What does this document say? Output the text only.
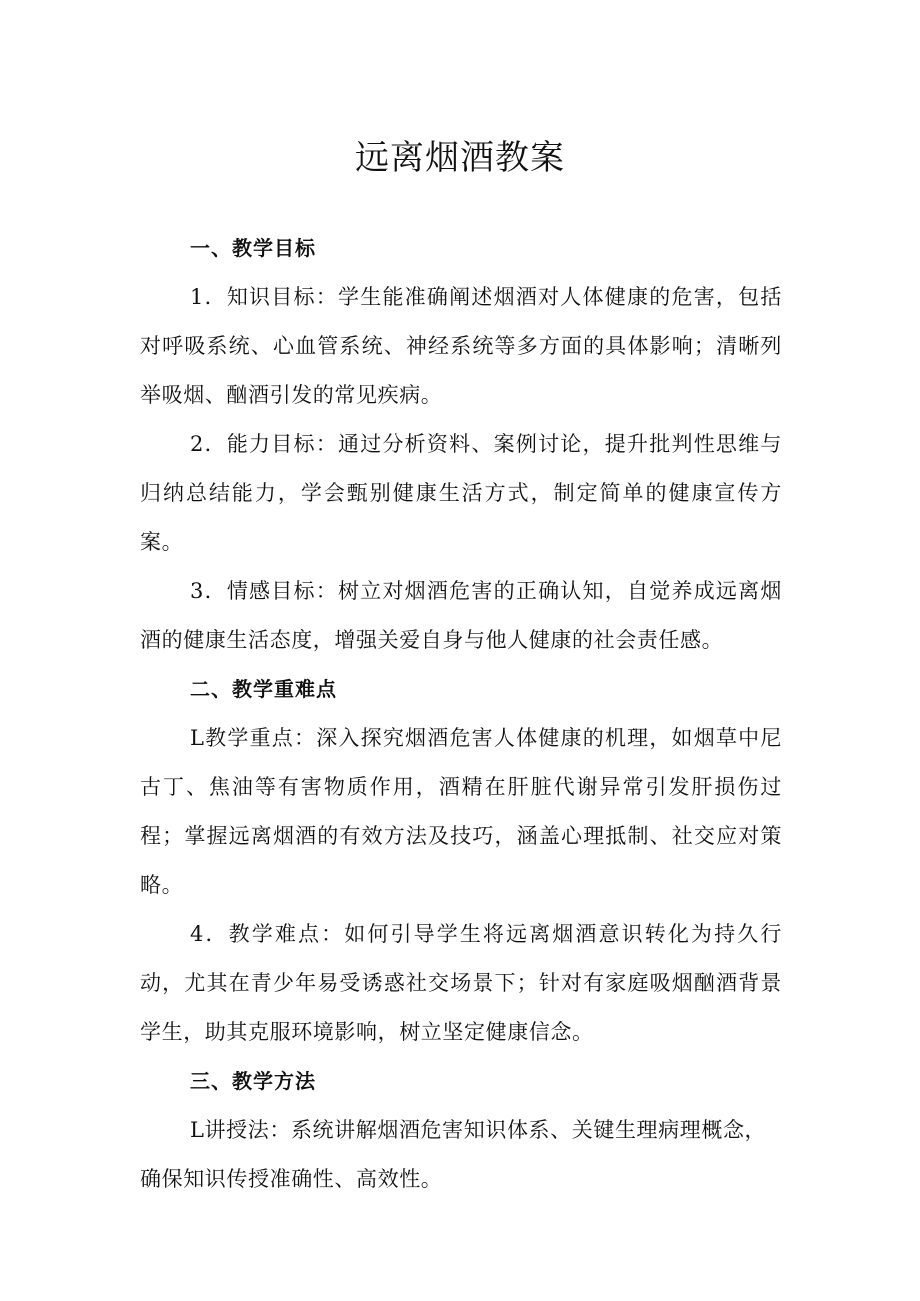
远离烟酒教案
一、教学目标

1．知识目标：学生能准确阐述烟酒对人体健康的危害，包括对呼吸系统、心血管系统、神经系统等多方面的具体影响；清晰列举吸烟、酗酒引发的常见疾病。

2．能力目标：通过分析资料、案例讨论，提升批判性思维与归纳总结能力，学会甄别健康生活方式，制定简单的健康宣传方案。

3．情感目标：树立对烟酒危害的正确认知，自觉养成远离烟酒的健康生活态度，增强关爱自身与他人健康的社会责任感。

二、教学重难点

L教学重点：深入探究烟酒危害人体健康的机理，如烟草中尼古丁、焦油等有害物质作用，酒精在肝脏代谢异常引发肝损伤过程；掌握远离烟酒的有效方法及技巧，涵盖心理抵制、社交应对策略。

4．教学难点：如何引导学生将远离烟酒意识转化为持久行动，尤其在青少年易受诱惑社交场景下；针对有家庭吸烟酗酒背景学生，助其克服环境影响，树立坚定健康信念。

三、教学方法

L讲授法：系统讲解烟酒危害知识体系、关键生理病理概念，确保知识传授准确性、高效性。
